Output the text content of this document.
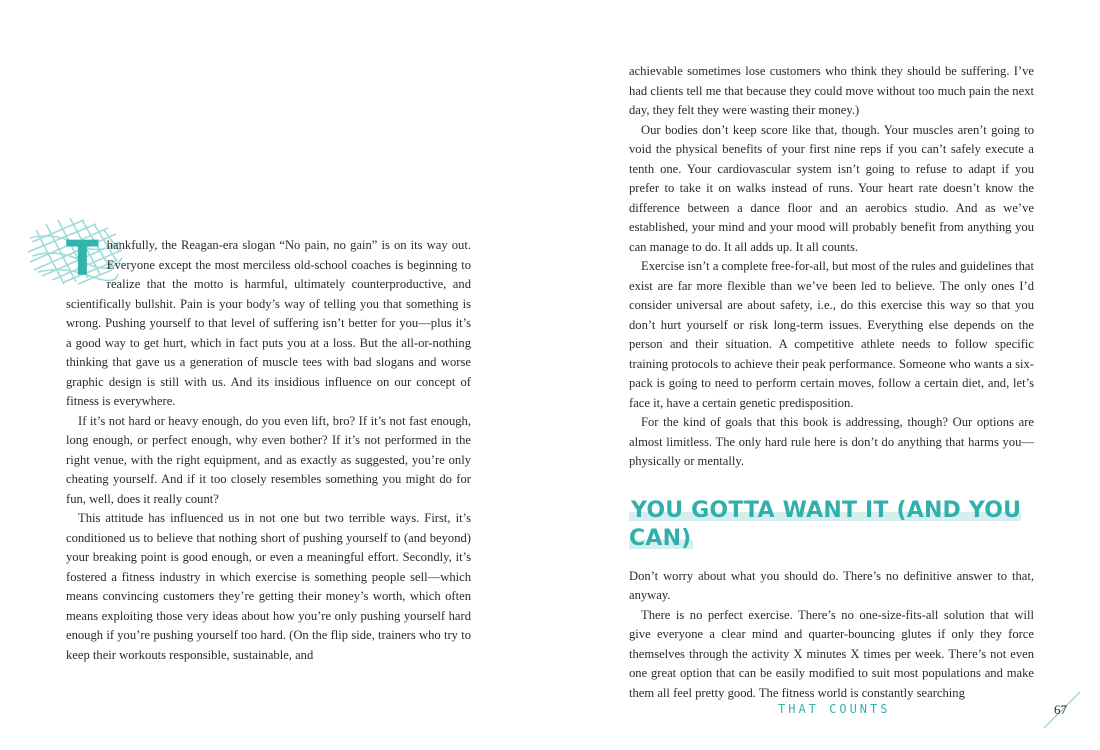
T hankfully, the Reagan-era slogan “No pain, no gain” is on its way out. Everyone except the most merciless old-school coaches is beginning to realize that the motto is harmful, ultimately counterproductive, and scientifically bullshit. Pain is your body’s way of telling you that something is wrong. Pushing yourself to that level of suffering isn’t better for you—plus it’s a good way to get hurt, which in fact puts you at a loss. But the all-or-nothing thinking that gave us a generation of muscle tees with bad slogans and worse graphic design is still with us. And its insidious influence on our concept of fitness is everywhere.

If it’s not hard or heavy enough, do you even lift, bro? If it’s not fast enough, long enough, or perfect enough, why even bother? If it’s not performed in the right venue, with the right equipment, and as exactly as suggested, you’re only cheating yourself. And if it too closely resembles something you might do for fun, well, does it really count?

This attitude has influenced us in not one but two terrible ways. First, it’s conditioned us to believe that nothing short of pushing yourself to (and beyond) your breaking point is good enough, or even a meaningful effort. Secondly, it’s fostered a fitness industry in which exercise is something people sell—which means convincing customers they’re getting their money’s worth, which often means exploiting those very ideas about how you’re only pushing yourself hard enough if you’re pushing yourself too hard. (On the flip side, trainers who try to keep their workouts responsible, sustainable, and

achievable sometimes lose customers who think they should be suffering. I’ve had clients tell me that because they could move without too much pain the next day, they felt they were wasting their money.)

Our bodies don’t keep score like that, though. Your muscles aren’t going to void the physical benefits of your first nine reps if you can’t safely execute a tenth one. Your cardiovascular system isn’t going to refuse to adapt if you prefer to take it on walks instead of runs. Your heart rate doesn’t know the difference between a dance floor and an aerobics studio. And as we’ve established, your mind and your mood will probably benefit from anything you can manage to do. It all adds up. It all counts.

Exercise isn’t a complete free-for-all, but most of the rules and guidelines that exist are far more flexible than we’ve been led to believe. The only ones I’d consider universal are about safety, i.e., do this exercise this way so that you don’t hurt yourself or risk long-term issues. Everything else depends on the person and their situation. A competitive athlete needs to follow specific training protocols to achieve their peak performance. Someone who wants a six-pack is going to need to perform certain moves, follow a certain diet, and, let’s face it, have a certain genetic predisposition.

For the kind of goals that this book is addressing, though? Our options are almost limitless. The only hard rule here is don’t do anything that harms you—physically or mentally.

YOU GOTTA WANT IT (AND YOU CAN)

Don’t worry about what you should do. There’s no definitive answer to that, anyway.

There is no perfect exercise. There’s no one-size-fits-all solution that will give everyone a clear mind and quarter-bouncing glutes if only they force themselves through the activity X minutes X times per week. There’s not even one great option that can be easily modified to suit most populations and make them all feel pretty good. The fitness world is constantly searching

THAT COUNTS	67
